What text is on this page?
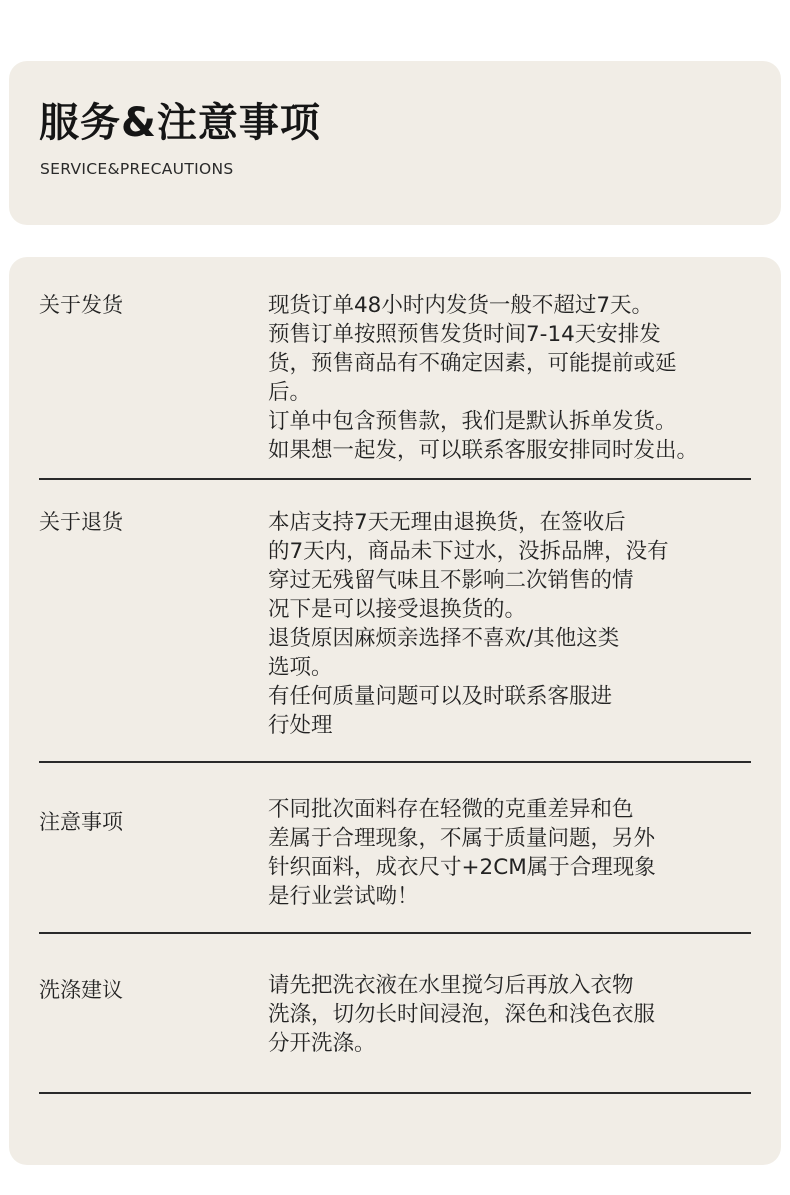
服务&注意事项
SERVICE&PRECAUTIONS
关于发货	现货订单48小时内发货一般不超过7天。
预售订单按照预售发货时间7-14天安排发
货，预售商品有不确定因素，可能提前或延
后。
订单中包含预售款，我们是默认拆单发货。
如果想一起发，可以联系客服安排同时发出。
关于退货	本店支持7天无理由退换货，在签收后
的7天内，商品未下过水，没拆品牌，没有
穿过无残留气味且不影响二次销售的情
况下是可以接受退换货的。
退货原因麻烦亲选择不喜欢/其他这类
选项。
有任何质量问题可以及时联系客服进
行处理
注意事项	不同批次面料存在轻微的克重差异和色
差属于合理现象，不属于质量问题，另外
针织面料，成衣尺寸+2CM属于合理现象
是行业尝试呦！
洗涤建议	请先把洗衣液在水里搅匀后再放入衣物
洗涤，切勿长时间浸泡，深色和浅色衣服
分开洗涤。
